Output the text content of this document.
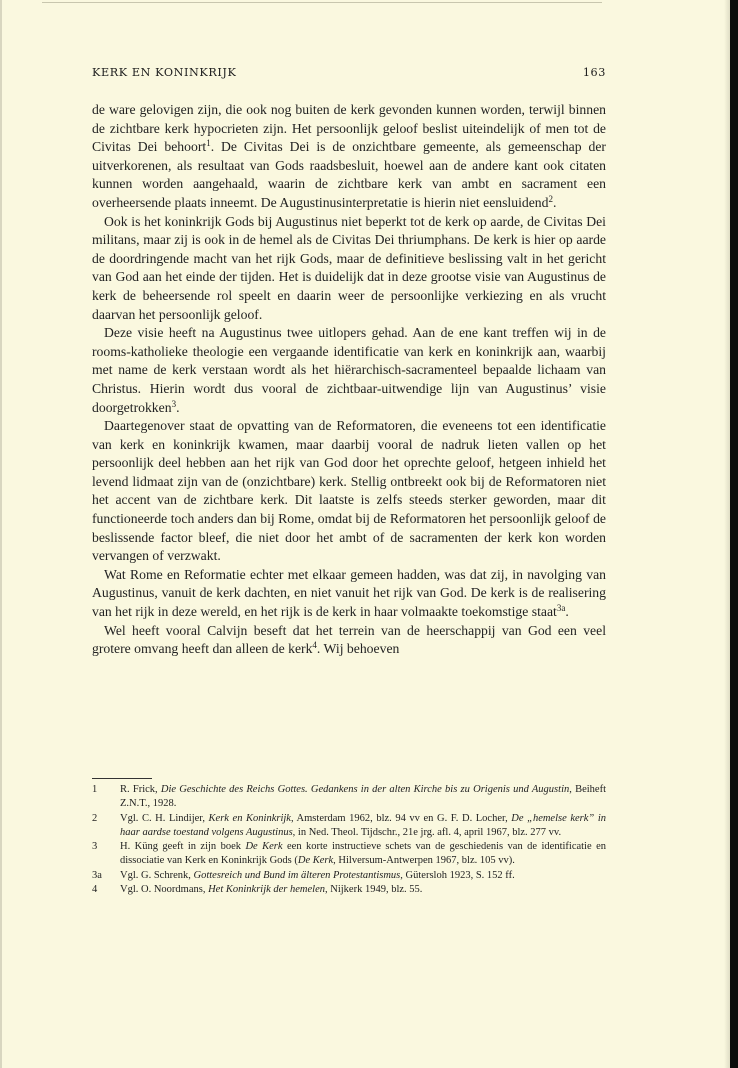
KERK EN KONINKRIJK	163

de ware gelovigen zijn, die ook nog buiten de kerk gevonden kunnen worden, terwijl binnen de zichtbare kerk hypocrieten zijn. Het persoonlijk geloof beslist uiteindelijk of men tot de Civitas Dei behoort$^1$. De Civitas Dei is de onzichtbare gemeente, als gemeenschap der uitverkorenen, als resultaat van Gods raadsbesluit, hoewel aan de andere kant ook citaten kunnen worden aangehaald, waarin de zichtbare kerk van ambt en sacrament een overheersende plaats inneemt. De Augustinusinterpretatie is hierin niet eensluidend$^2$.

Ook is het koninkrijk Gods bij Augustinus niet beperkt tot de kerk op aarde, de Civitas Dei militans, maar zij is ook in de hemel als de Civitas Dei thriumphans. De kerk is hier op aarde de doordringende macht van het rijk Gods, maar de definitieve beslissing valt in het gericht van God aan het einde der tijden. Het is duidelijk dat in deze grootse visie van Augustinus de kerk de beheersende rol speelt en daarin weer de persoonlijke verkiezing en als vrucht daarvan het persoonlijk geloof.

Deze visie heeft na Augustinus twee uitlopers gehad. Aan de ene kant treffen wij in de rooms-katholieke theologie een vergaande identificatie van kerk en koninkrijk aan, waarbij met name de kerk verstaan wordt als het hiërarchisch-sacramenteel bepaalde lichaam van Christus. Hierin wordt dus vooral de zichtbaar-uitwendige lijn van Augustinus’ visie doorgetrokken$^3$.

Daartegenover staat de opvatting van de Reformatoren, die eveneens tot een identificatie van kerk en koninkrijk kwamen, maar daarbij vooral de nadruk lieten vallen op het persoonlijk deel hebben aan het rijk van God door het oprechte geloof, hetgeen inhield het levend lidmaat zijn van de (onzichtbare) kerk. Stellig ontbreekt ook bij de Reformatoren niet het accent van de zichtbare kerk. Dit laatste is zelfs steeds sterker geworden, maar dit functioneerde toch anders dan bij Rome, omdat bij de Reformatoren het persoonlijk geloof de beslissende factor bleef, die niet door het ambt of de sacramenten der kerk kon worden vervangen of verzwakt.

Wat Rome en Reformatie echter met elkaar gemeen hadden, was dat zij, in navolging van Augustinus, vanuit de kerk dachten, en niet vanuit het rijk van God. De kerk is de realisering van het rijk in deze wereld, en het rijk is de kerk in haar volmaakte toekomstige staat$^{3a}$.

Wel heeft vooral Calvijn beseft dat het terrein van de heerschappij van God een veel grotere omvang heeft dan alleen de kerk$^4$. Wij behoeven

1	R. Frick, Die Geschichte des Reichs Gottes. Gedankens in der alten Kirche bis zu Origenis und Augustin, Beiheft Z.N.T., 1928.
2	Vgl. C. H. Lindijer, Kerk en Koninkrijk, Amsterdam 1962, blz. 94 vv en G. F. D. Locher, De „hemelse kerk” in haar aardse toestand volgens Augustinus, in Ned. Theol. Tijdschr., 21e jrg. afl. 4, april 1967, blz. 277 vv.
3	H. Küng geeft in zijn boek De Kerk een korte instructieve schets van de geschiedenis van de identificatie en dissociatie van Kerk en Koninkrijk Gods (De Kerk, Hilversum-Antwerpen 1967, blz. 105 vv).
3a	Vgl. G. Schrenk, Gottesreich und Bund im älteren Protestantismus, Gütersloh 1923, S. 152 ff.
4	Vgl. O. Noordmans, Het Koninkrijk der hemelen, Nijkerk 1949, blz. 55.
